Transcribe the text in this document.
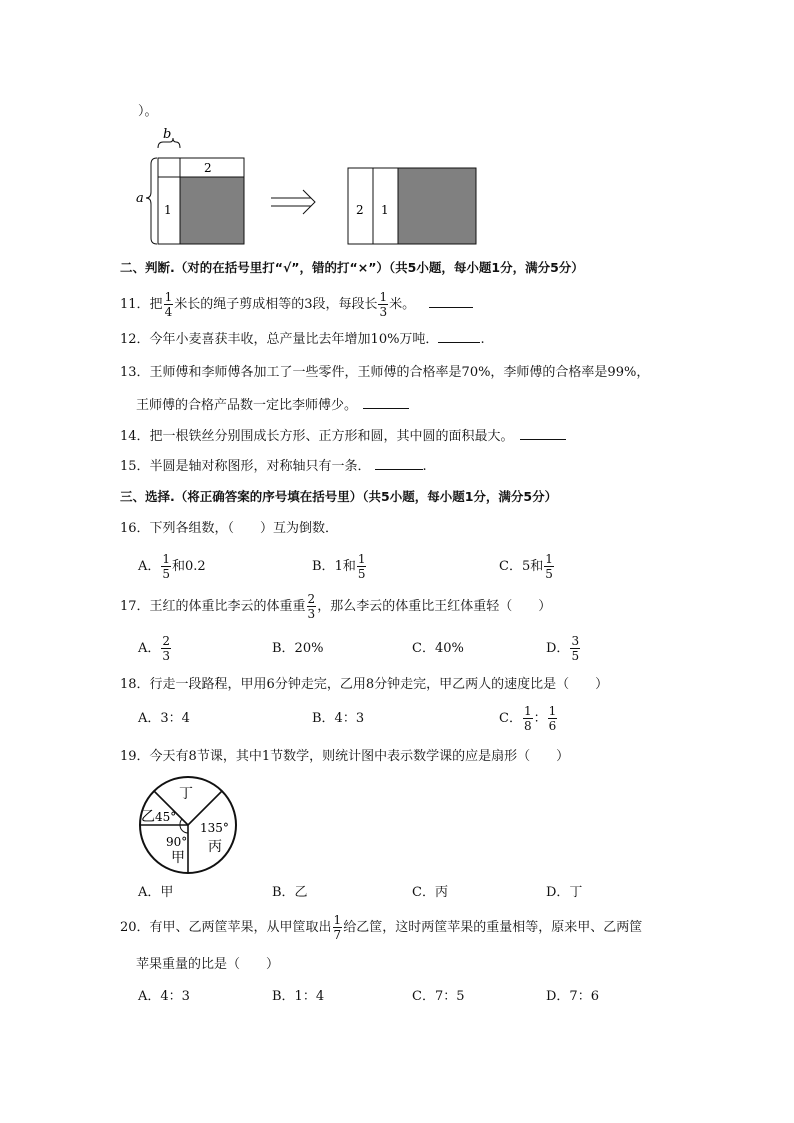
）。
b
a
2
1	2 1
二、判断.（对的在括号里打“√”，错的打“×”）（共5小题，每小题1分，满分5分）
11．把 $\frac{1}{4}$ 米长的绳子剪成相等的3段，每段长 $\frac{1}{3}$ 米。
12．今年小麦喜获丰收，总产量比去年增加10%万吨．	.
13．王师傅和李师傅各加工了一些零件，王师傅的合格率是70%，李师傅的合格率是99%，
王师傅的合格产品数一定比李师傅少。
14．把一根铁丝分别围成长方形、正方形和圆，其中圆的面积最大。
15．半圆是轴对称图形，对称轴只有一条．	.
三、选择.（将正确答案的序号填在括号里）（共5小题，每小题1分，满分5分）
16．下列各组数，（　　）互为倒数．
A． $\frac{1}{5}$ 和0.2	B．1和 $\frac{1}{5}$	C．5和 $\frac{1}{5}$
17．王红的体重比李云的体重重 $\frac{2}{3}$ ，那么李云的体重比王红体重轻（　　）
A． $\frac{2}{3}$	B．20%	C．40%	D． $\frac{3}{5}$
18．行走一段路程，甲用6分钟走完，乙用8分钟走完，甲乙两人的速度比是（　　）
A．3：4	B．4：3	C． $\frac{1}{8}$ ： $\frac{1}{6}$
19．今天有8节课，其中1节数学，则统计图中表示数学课的应是扇形（　　）
丁
乙 45°
90°
甲
135°
丙
A．甲	B．乙	C．丙	D．丁
20．有甲、乙两筐苹果，从甲筐取出 $\frac{1}{7}$ 给乙筐，这时两筐苹果的重量相等，原来甲、乙两筐
苹果重量的比是（　　）
A．4：3	B．1：4	C．7：5	D．7：6
